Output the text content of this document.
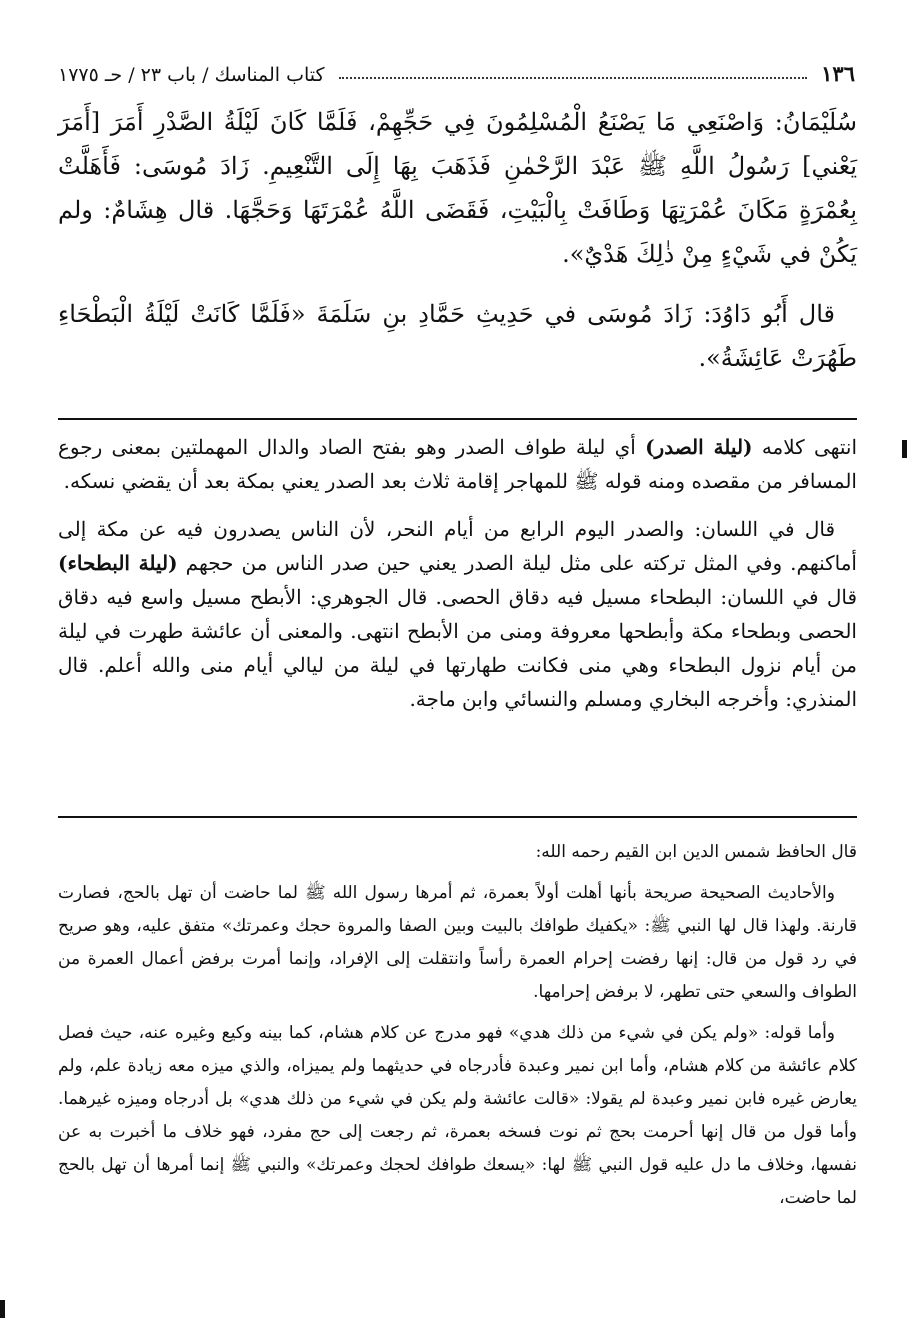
كتاب المناسك / باب ٢٣ / حـ ١٧٧٥	١٣٦

سُلَيْمَانُ: وَاصْنَعِي مَا يَصْنَعُ الْمُسْلِمُونَ فِي حَجِّهِمْ، فَلَمَّا كَانَ لَيْلَةُ الصَّدْرِ أَمَرَ [أَمَرَ يَعْني] رَسُولُ اللَّهِ ﷺ عَبْدَ الرَّحْمٰنِ فَذَهَبَ بِهَا إِلَى التَّنْعِيمِ. زَادَ مُوسَى: فَأَهَلَّتْ بِعُمْرَةٍ مَكَانَ عُمْرَتِهَا وَطَافَتْ بِالْبَيْتِ، فَقَضَى اللَّهُ عُمْرَتَهَا وَحَجَّهَا. قال هِشَامٌ: ولم يَكُنْ في شَيْءٍ مِنْ ذٰلِكَ هَدْيٌ».

قال أَبُو دَاوُدَ: زَادَ مُوسَى في حَدِيثِ حَمَّادِ بنِ سَلَمَةَ «فَلَمَّا كَانَتْ لَيْلَةُ الْبَطْحَاءِ طَهُرَتْ عَائِشَةُ».

انتهى كلامه (ليلة الصدر) أي ليلة طواف الصدر وهو بفتح الصاد والدال المهملتين بمعنى رجوع المسافر من مقصده ومنه قوله ﷺ للمهاجر إقامة ثلاث بعد الصدر يعني بمكة بعد أن يقضي نسكه.

قال في اللسان: والصدر اليوم الرابع من أيام النحر، لأن الناس يصدرون فيه عن مكة إلى أماكنهم. وفي المثل تركته على مثل ليلة الصدر يعني حين صدر الناس من حجهم (ليلة البطحاء) قال في اللسان: البطحاء مسيل فيه دقاق الحصى. قال الجوهري: الأبطح مسيل واسع فيه دقاق الحصى وبطحاء مكة وأبطحها معروفة ومنى من الأبطح انتهى. والمعنى أن عائشة طهرت في ليلة من أيام نزول البطحاء وهي منى فكانت طهارتها في ليلة من ليالي أيام منى والله أعلم. قال المنذري: وأخرجه البخاري ومسلم والنسائي وابن ماجة.

قال الحافظ شمس الدين ابن القيم رحمه الله:

والأحاديث الصحيحة صريحة بأنها أهلت أولاً بعمرة، ثم أمرها رسول الله ﷺ لما حاضت أن تهل بالحج، فصارت قارنة. ولهذا قال لها النبي ﷺ: «يكفيك طوافك بالبيت وبين الصفا والمروة حجك وعمرتك» متفق عليه، وهو صريح في رد قول من قال: إنها رفضت إحرام العمرة رأساً وانتقلت إلى الإفراد، وإنما أمرت برفض أعمال العمرة من الطواف والسعي حتى تطهر، لا برفض إحرامها.

وأما قوله: «ولم يكن في شيء من ذلك هدي» فهو مدرج عن كلام هشام، كما بينه وكيع وغيره عنه، حيث فصل كلام عائشة من كلام هشام، وأما ابن نمير وعبدة فأدرجاه في حديثهما ولم يميزاه، والذي ميزه معه زيادة علم، ولم يعارض غيره فابن نمير وعبدة لم يقولا: «قالت عائشة ولم يكن في شيء من ذلك هدي» بل أدرجاه وميزه غيرهما. وأما قول من قال إنها أحرمت بحج ثم نوت فسخه بعمرة، ثم رجعت إلى حج مفرد، فهو خلاف ما أخبرت به عن نفسها، وخلاف ما دل عليه قول النبي ﷺ لها: «يسعك طوافك لحجك وعمرتك» والنبي ﷺ إنما أمرها أن تهل بالحج لما حاضت،
